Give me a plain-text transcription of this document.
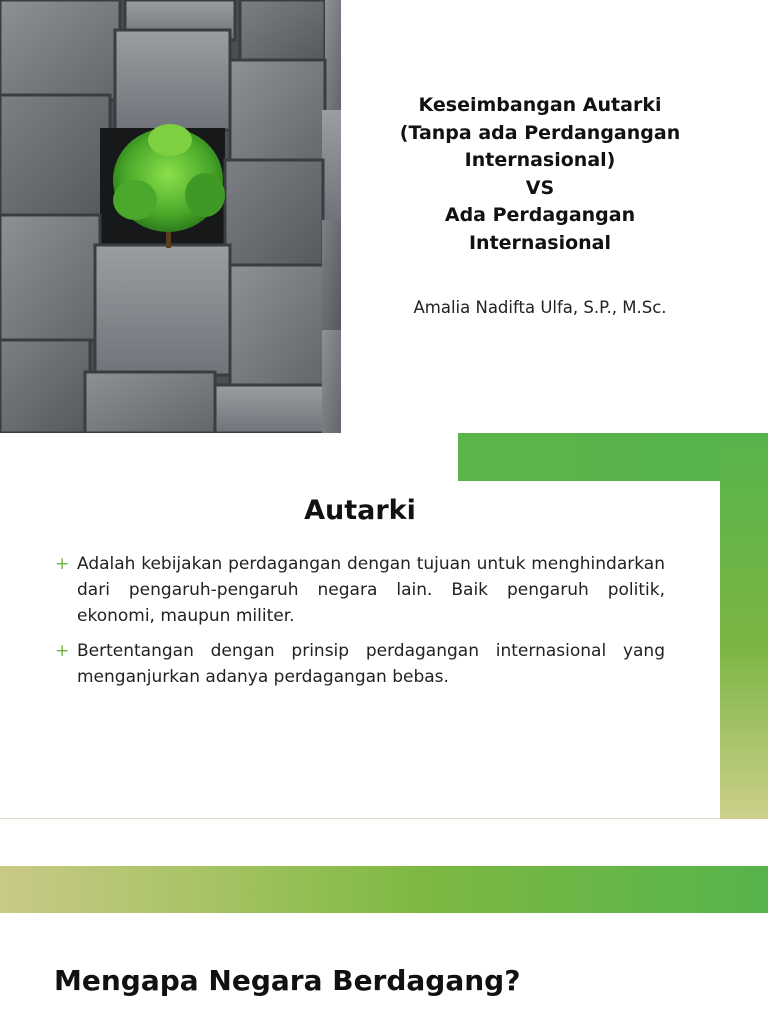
Keseimbangan Autarki
(Tanpa ada Perdangangan
Internasional)
VS
Ada Perdagangan
Internasional
Amalia Nadifta Ulfa, S.P., M.Sc.
Autarki
+ Adalah kebijakan perdagangan dengan tujuan untuk menghindarkan dari pengaruh-pengaruh negara lain. Baik pengaruh politik, ekonomi, maupun militer.
+ Bertentangan dengan prinsip perdagangan internasional yang menganjurkan adanya perdagangan bebas.
Mengapa Negara Berdagang?
